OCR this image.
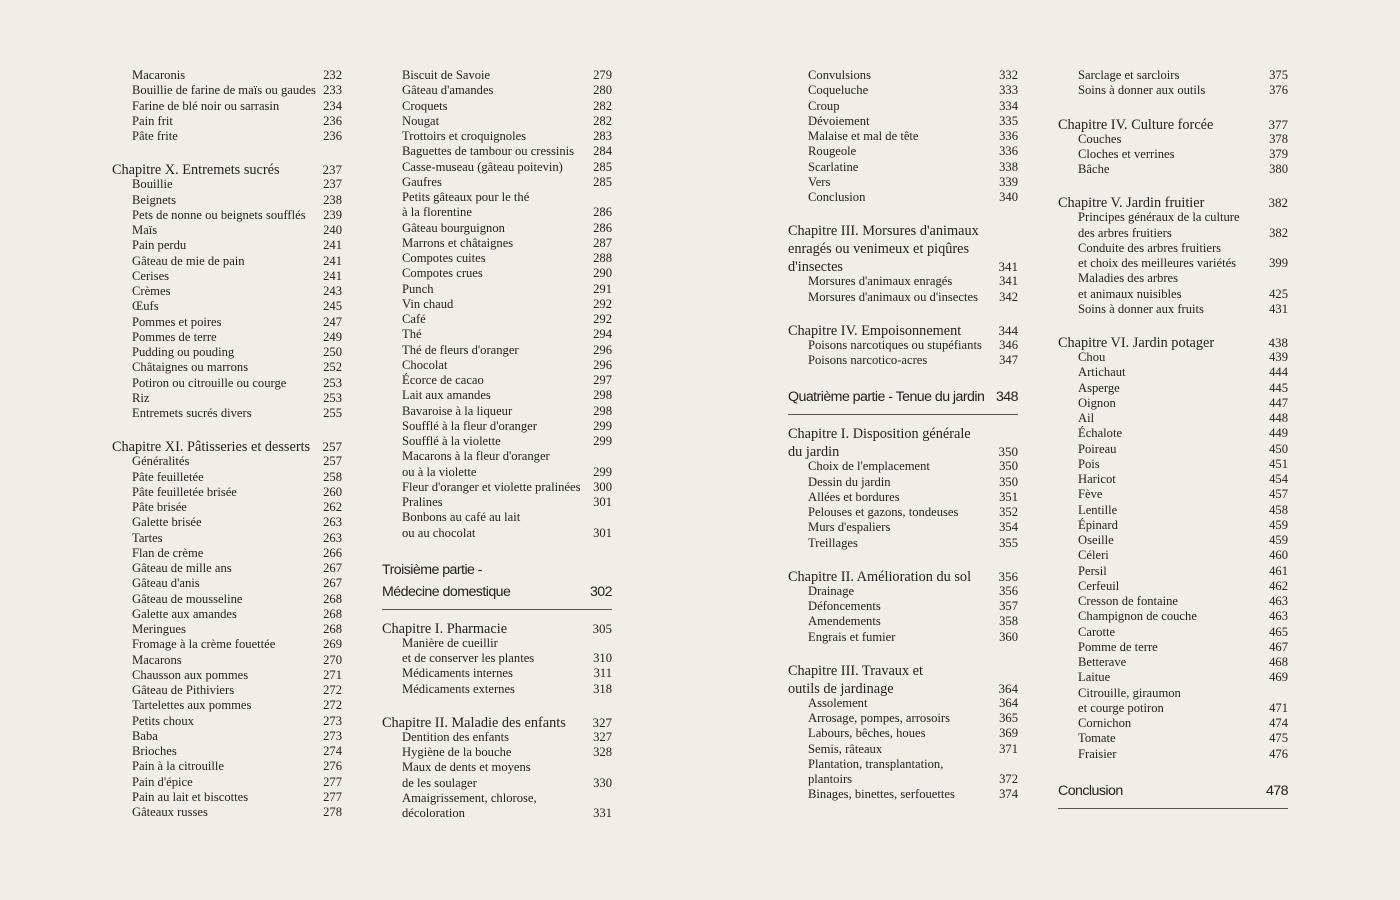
Macaronis	232
Bouillie de farine de maïs ou gaudes 233
Farine de blé noir ou sarrasin	234
Pain frit	236
Pâte frite	236
Chapitre X. Entremets sucrés	237
Bouillie	237
Beignets	238
Pets de nonne ou beignets soufflés 239
Maïs	240
Pain perdu	241
Gâteau de mie de pain	241
Cerises	241
Crèmes	243
Œufs	245
Pommes et poires	247
Pommes de terre	249
Pudding ou pouding	250
Châtaignes ou marrons	252
Potiron ou citrouille ou courge	253
Riz	253
Entremets sucrés divers	255
Chapitre XI. Pâtisseries et desserts 257
Généralités	257
Pâte feuilletée	258
Pâte feuilletée brisée	260
Pâte brisée	262
Galette brisée	263
Tartes	263
Flan de crème	266
Gâteau de mille ans	267
Gâteau d'anis	267
Gâteau de mousseline	268
Galette aux amandes	268
Meringues	268
Fromage à la crème fouettée	269
Macarons	270
Chausson aux pommes	271
Gâteau de Pithiviers	272
Tartelettes aux pommes	272
Petits choux	273
Baba	273
Brioches	274
Pain à la citrouille	276
Pain d'épice	277
Pain au lait et biscottes	277
Gâteaux russes	278
Biscuit de Savoie	279
Gâteau d'amandes	280
Croquets	282
Nougat	282
Trottoirs et croquignoles	283
Baguettes de tambour ou cressinis 284
Casse-museau (gâteau poitevin) 285
Gaufres	285
Petits gâteaux pour le thé
à la florentine	286
Gâteau bourguignon	286
Marrons et châtaignes	287
Compotes cuites	288
Compotes crues	290
Punch	291
Vin chaud	292
Café	292
Thé	294
Thé de fleurs d'oranger	296
Chocolat	296
Écorce de cacao	297
Lait aux amandes	298
Bavaroise à la liqueur	298
Soufflé à la fleur d'oranger	299
Soufflé à la violette	299
Macarons à la fleur d'oranger
ou à la violette	299
Fleur d'oranger et violette pralinées 300
Pralines	301
Bonbons au café au lait
ou au chocolat	301
Troisième partie -
Médecine domestique	302
Chapitre I. Pharmacie	305
Manière de cueillir
et de conserver les plantes	310
Médicaments internes	311
Médicaments externes	318
Chapitre II. Maladie des enfants 327
Dentition des enfants	327
Hygiène de la bouche	328
Maux de dents et moyens
de les soulager	330
Amaigrissement, chlorose,
décoloration	331
Convulsions	332
Coqueluche	333
Croup	334
Dévoiement	335
Malaise et mal de tête	336
Rougeole	336
Scarlatine	338
Vers	339
Conclusion	340
Chapitre III. Morsures d'animaux
enragés ou venimeux et piqûres
d'insectes	341
Morsures d'animaux enragés	341
Morsures d'animaux ou d'insectes 342
Chapitre IV. Empoisonnement	344
Poisons narcotiques ou stupéfiants 346
Poisons narcotico-acres	347
Quatrième partie - Tenue du jardin 348
Chapitre I. Disposition générale
du jardin	350
Choix de l'emplacement	350
Dessin du jardin	350
Allées et bordures	351
Pelouses et gazons, tondeuses	352
Murs d'espaliers	354
Treillages	355
Chapitre II. Amélioration du sol 356
Drainage	356
Défoncements	357
Amendements	358
Engrais et fumier	360
Chapitre III. Travaux et
outils de jardinage	364
Assolement	364
Arrosage, pompes, arrosoirs	365
Labours, bêches, houes	369
Semis, râteaux	371
Plantation, transplantation,
plantoirs	372
Binages, binettes, serfouettes	374
Sarclage et sarcloirs	375
Soins à donner aux outils	376
Chapitre IV. Culture forcée	377
Couches	378
Cloches et verrines	379
Bâche	380
Chapitre V. Jardin fruitier	382
Principes généraux de la culture
des arbres fruitiers	382
Conduite des arbres fruitiers
et choix des meilleures variétés	399
Maladies des arbres
et animaux nuisibles	425
Soins à donner aux fruits	431
Chapitre VI. Jardin potager	438
Chou	439
Artichaut	444
Asperge	445
Oignon	447
Ail	448
Échalote	449
Poireau	450
Pois	451
Haricot	454
Fève	457
Lentille	458
Épinard	459
Oseille	459
Céleri	460
Persil	461
Cerfeuil	462
Cresson de fontaine	463
Champignon de couche	463
Carotte	465
Pomme de terre	467
Betterave	468
Laitue	469
Citrouille, giraumon
et courge potiron	471
Cornichon	474
Tomate	475
Fraisier	476
Conclusion	478
